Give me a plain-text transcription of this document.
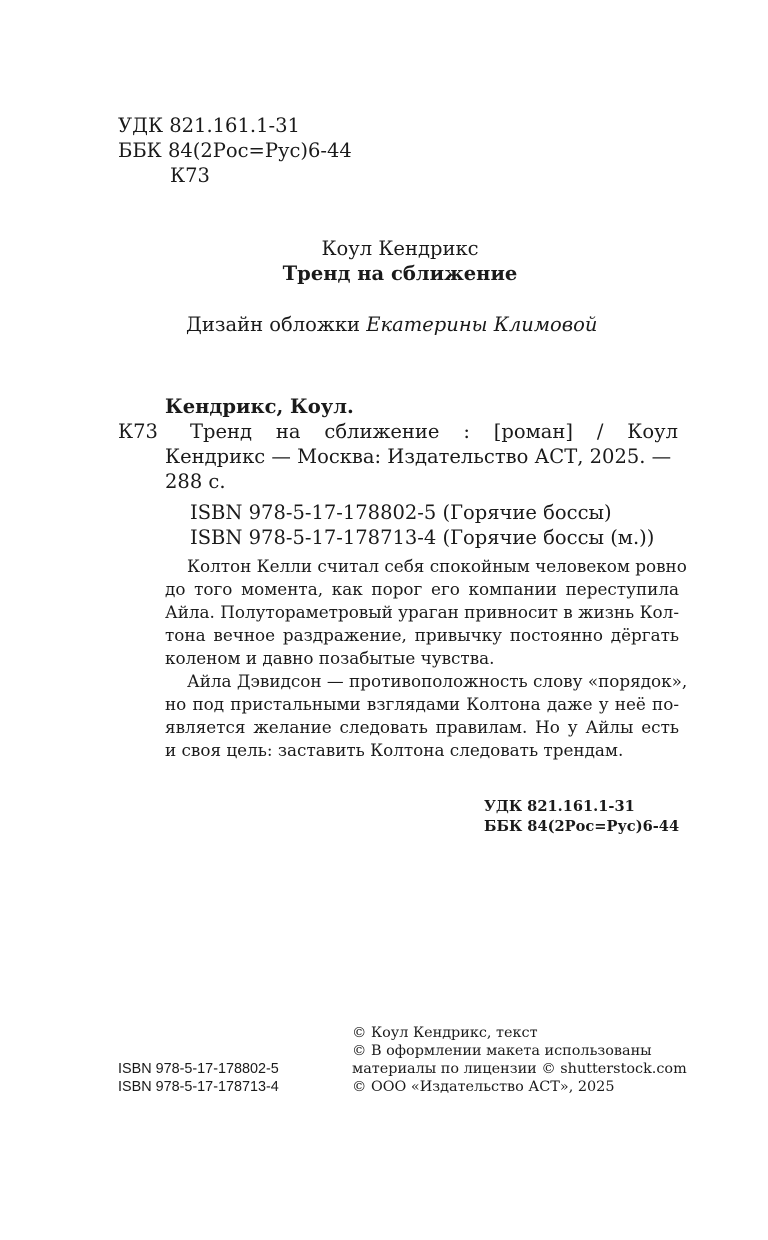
УДК 821.161.1-31
ББК 84(2Рос=Рус)6-44
К73
Коул Кендрикс
Тренд на сближение
Дизайн обложки Екатерины Климовой
Кендрикс, Коул.
К73 Тренд на сближение : [роман] / Коул
Кендрикс — Москва: Издательство АСТ, 2025. —
288 с.
ISBN 978-5-17-178802-5 (Горячие боссы)
ISBN 978-5-17-178713-4 (Горячие боссы (м.))
Колтон Келли считал себя спокойным человеком ровно
до того момента, как порог его компании переступила
Айла. Полутораметровый ураган привносит в жизнь Кол-
тона вечное раздражение, привычку постоянно дёргать
коленом и давно позабытые чувства.
Айла Дэвидсон — противоположность слову «порядок»,
но под пристальными взглядами Колтона даже у неё по-
является желание следовать правилам. Но у Айлы есть
и своя цель: заставить Колтона следовать трендам.
УДК 821.161.1-31
ББК 84(2Рос=Рус)6-44
ISBN 978-5-17-178802-5
ISBN 978-5-17-178713-4
© Коул Кендрикс, текст
© В оформлении макета использованы
материалы по лицензии © shutterstock.com
© ООО «Издательство АСТ», 2025
